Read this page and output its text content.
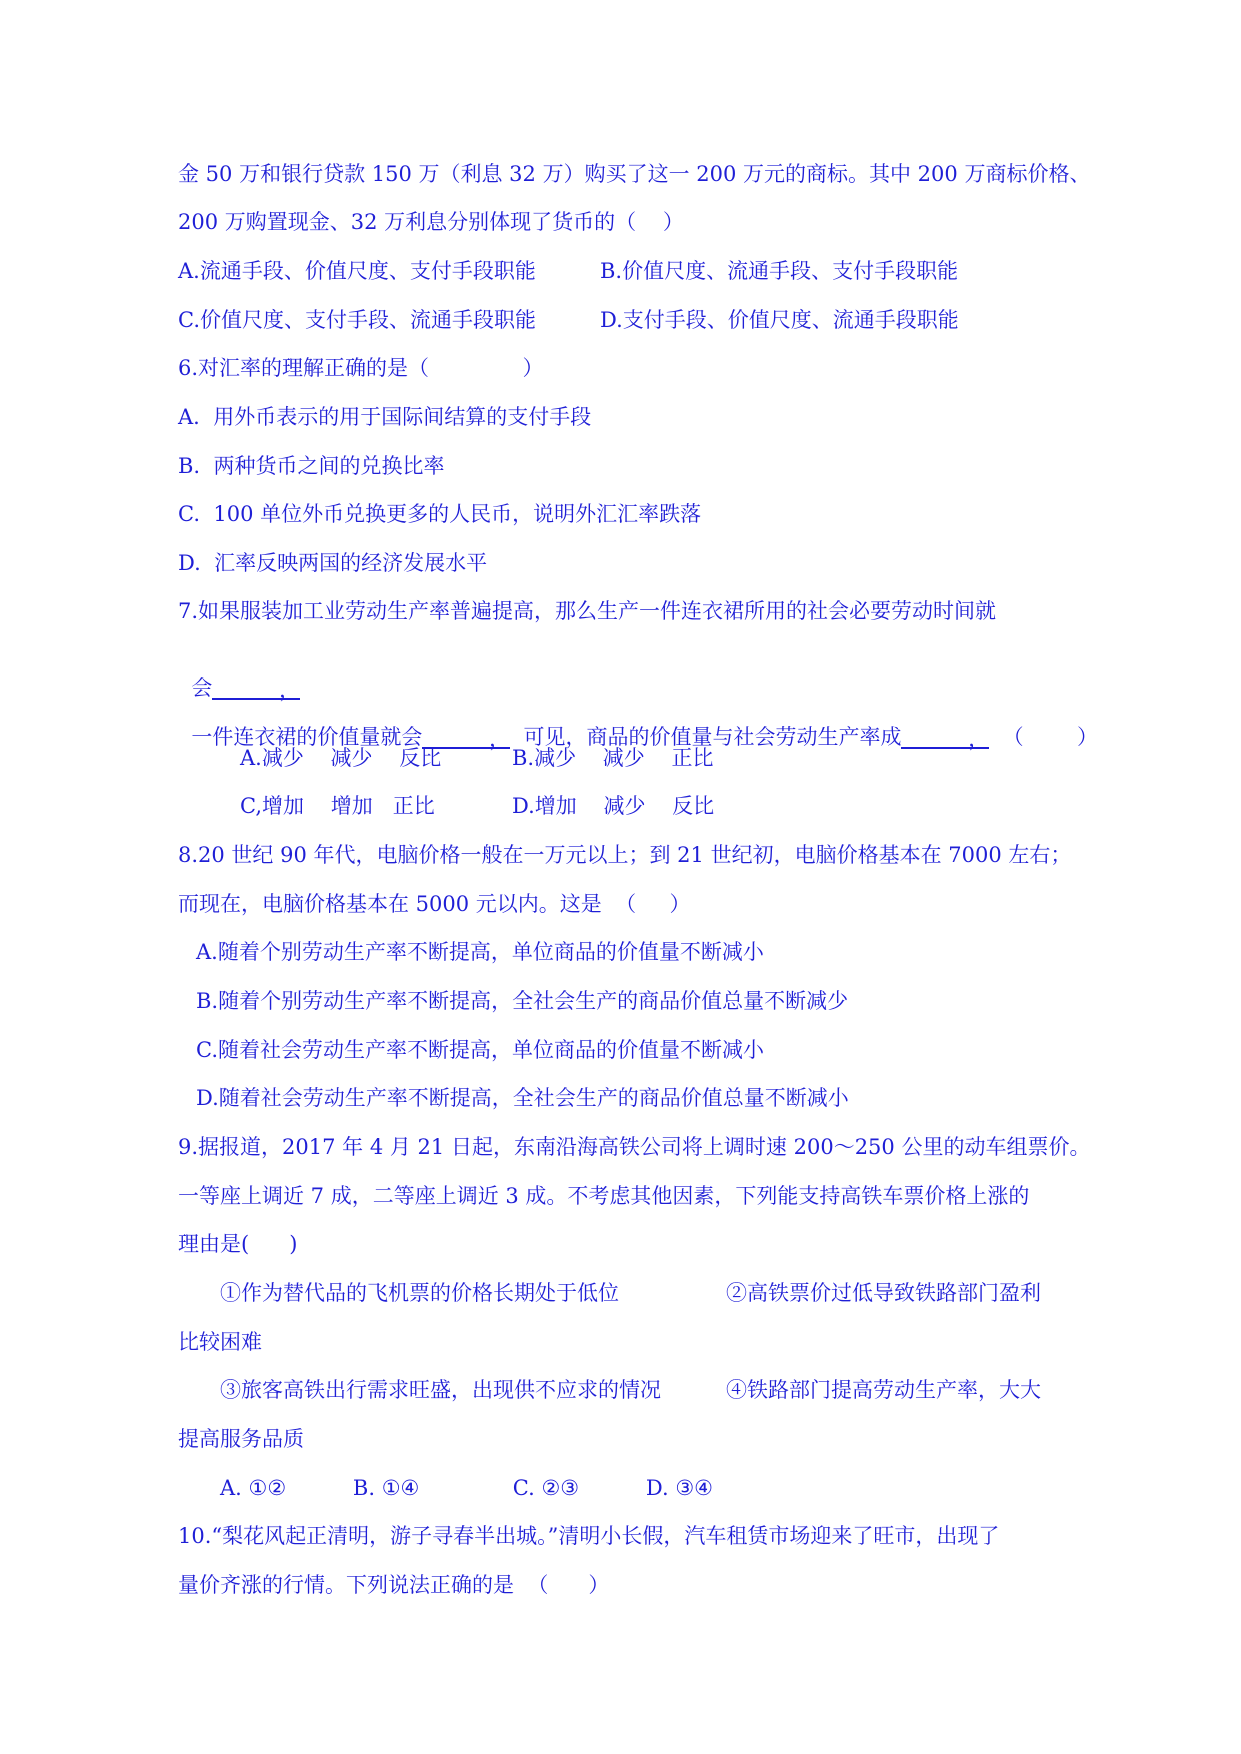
金 50 万和银行贷款 150 万（利息 32 万）购买了这一 200 万元的商标。其中 200 万商标价格、
200 万购置现金、32 万利息分别体现了货币的（    ）
A.流通手段、价值尺度、支付手段职能	B.价值尺度、流通手段、支付手段职能
C.价值尺度、支付手段、流通手段职能	D.支付手段、价值尺度、流通手段职能
6.对汇率的理解正确的是（              ）
A.  用外币表示的用于国际间结算的支付手段
B.  两种货币之间的兑换比率
C.  100 单位外币兑换更多的人民币，说明外汇汇率跌落
D.  汇率反映两国的经济发展水平
7.如果服装加工业劳动生产率普遍提高，那么生产一件连衣裙所用的社会必要劳动时间就

会          ，

一件连衣裙的价值量就会          ，  可见，商品的价值量与社会劳动生产率成          ，  （        ）

A.减少    减少    反比	B.减少    减少    正比
C,增加    增加   正比	D.增加    减少    反比
8.20 世纪 90 年代，电脑价格一般在一万元以上；到 21 世纪初，电脑价格基本在 7000 左右；
而现在，电脑价格基本在 5000 元以内。这是  （     ）
A.随着个别劳动生产率不断提高，单位商品的价值量不断减小
B.随着个别劳动生产率不断提高，全社会生产的商品价值总量不断减少
C.随着社会劳动生产率不断提高，单位商品的价值量不断减小
D.随着社会劳动生产率不断提高，全社会生产的商品价值总量不断减小
9.据报道，2017 年 4 月 21 日起，东南沿海高铁公司将上调时速 200～250 公里的动车组票价。
一等座上调近 7 成，二等座上调近 3 成。不考虑其他因素，下列能支持高铁车票价格上涨的
理由是(      )
①作为替代品的飞机票的价格长期处于低位	②高铁票价过低导致铁路部门盈利
比较困难
③旅客高铁出行需求旺盛，出现供不应求的情况	④铁路部门提高劳动生产率，大大
提高服务品质
A. ①②          B. ①④              C. ②③          D. ③④
10.“梨花风起正清明，游子寻春半出城。”清明小长假，汽车租赁市场迎来了旺市，出现了
量价齐涨的行情。下列说法正确的是  （      ）
